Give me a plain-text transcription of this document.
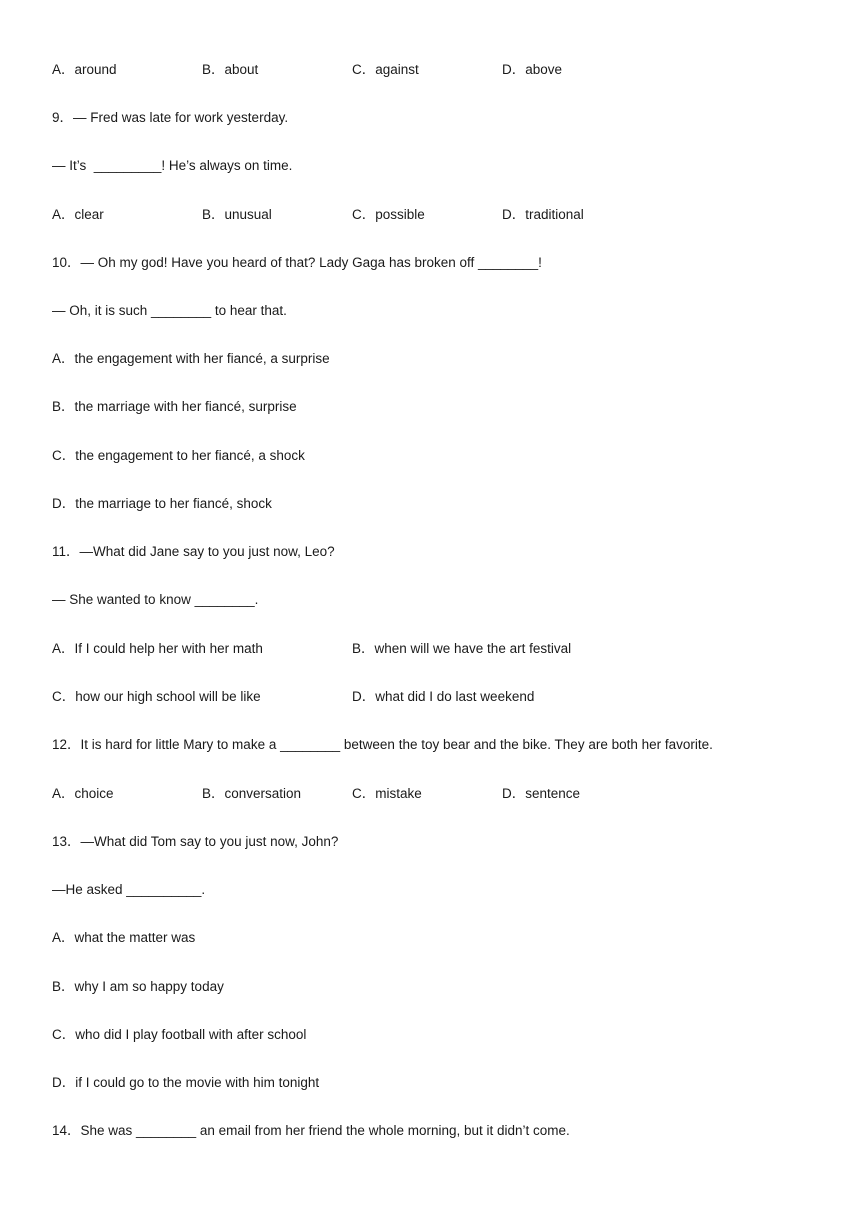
A．around	B．about	C．against	D．above
9．— Fred was late for work yesterday.
— It’s  _________! He’s always on time.
A．clear	B．unusual	C．possible	D．traditional
10．— Oh my god! Have you heard of that? Lady Gaga has broken off ________!
— Oh, it is such ________ to hear that.
A．the engagement with her fiancé, a surprise
B．the marriage with her fiancé, surprise
C．the engagement to her fiancé, a shock
D．the marriage to her fiancé, shock
11．—What did Jane say to you just now, Leo?
— She wanted to know ________.
A．If I could help her with her math	B．when will we have the art festival
C．how our high school will be like	D．what did I do last weekend
12．It is hard for little Mary to make a ________ between the toy bear and the bike. They are both her favorite.
A．choice	B．conversation	C．mistake	D．sentence
13．—What did Tom say to you just now, John?
—He asked __________.
A．what the matter was
B．why I am so happy today
C．who did I play football with after school
D．if I could go to the movie with him tonight
14．She was ________ an email from her friend the whole morning, but it didn’t come.
